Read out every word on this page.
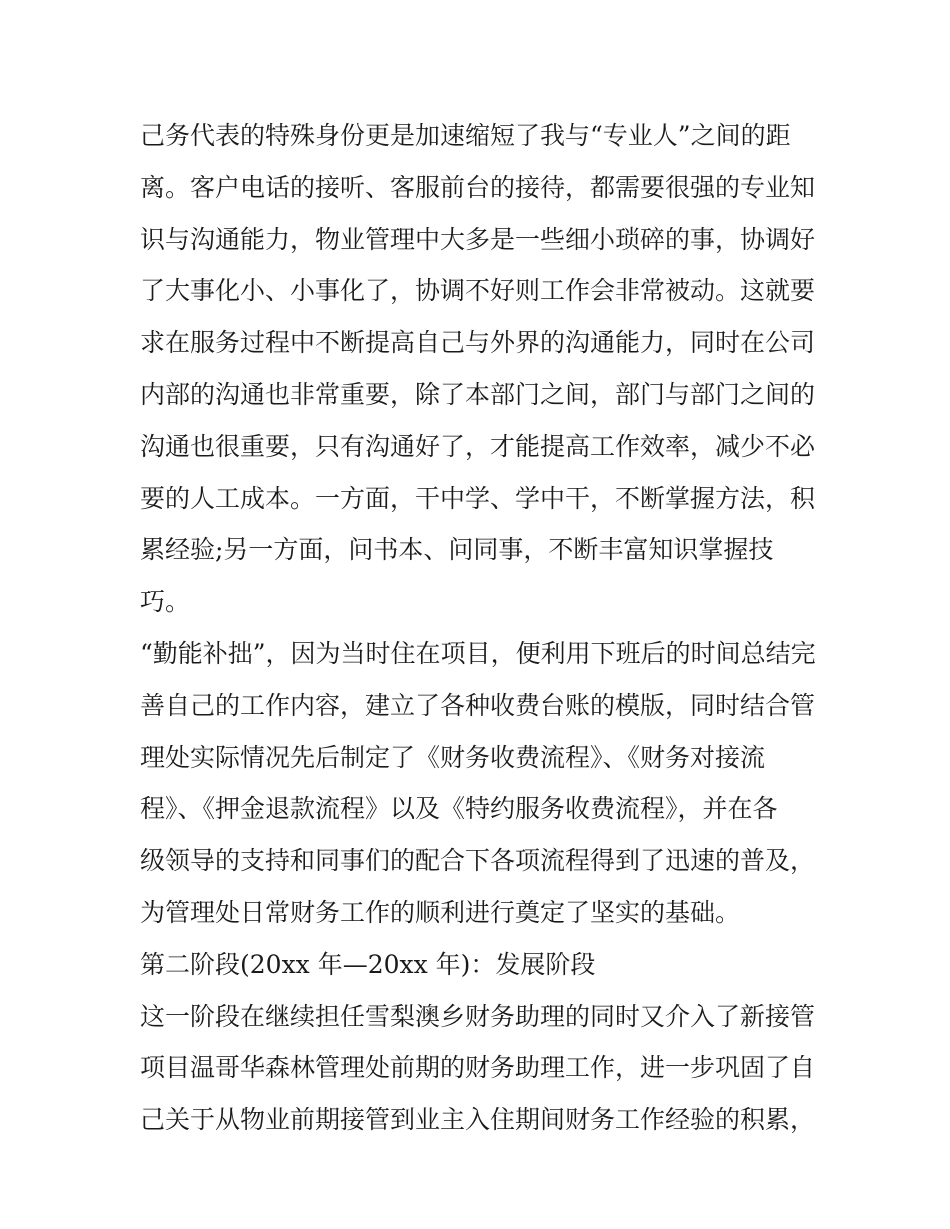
己务代表的特殊身份更是加速缩短了我与“专业人”之间的距
离。客户电话的接听、客服前台的接待，都需要很强的专业知
识与沟通能力，物业管理中大多是一些细小琐碎的事，协调好
了大事化小、小事化了，协调不好则工作会非常被动。这就要
求在服务过程中不断提高自己与外界的沟通能力，同时在公司
内部的沟通也非常重要，除了本部门之间，部门与部门之间的
沟通也很重要，只有沟通好了，才能提高工作效率，减少不必
要的人工成本。一方面，干中学、学中干，不断掌握方法，积
累经验;另一方面，问书本、问同事，不断丰富知识掌握技
巧。
“勤能补拙”，因为当时住在项目，便利用下班后的时间总结完
善自己的工作内容，建立了各种收费台账的模版，同时结合管
理处实际情况先后制定了《财务收费流程》、《财务对接流
程》、《押金退款流程》以及《特约服务收费流程》，并在各
级领导的支持和同事们的配合下各项流程得到了迅速的普及，
为管理处日常财务工作的顺利进行奠定了坚实的基础。
第二阶段(20xx 年—20xx 年)：发展阶段
这一阶段在继续担任雪梨澳乡财务助理的同时又介入了新接管
项目温哥华森林管理处前期的财务助理工作，进一步巩固了自
己关于从物业前期接管到业主入住期间财务工作经验的积累，
